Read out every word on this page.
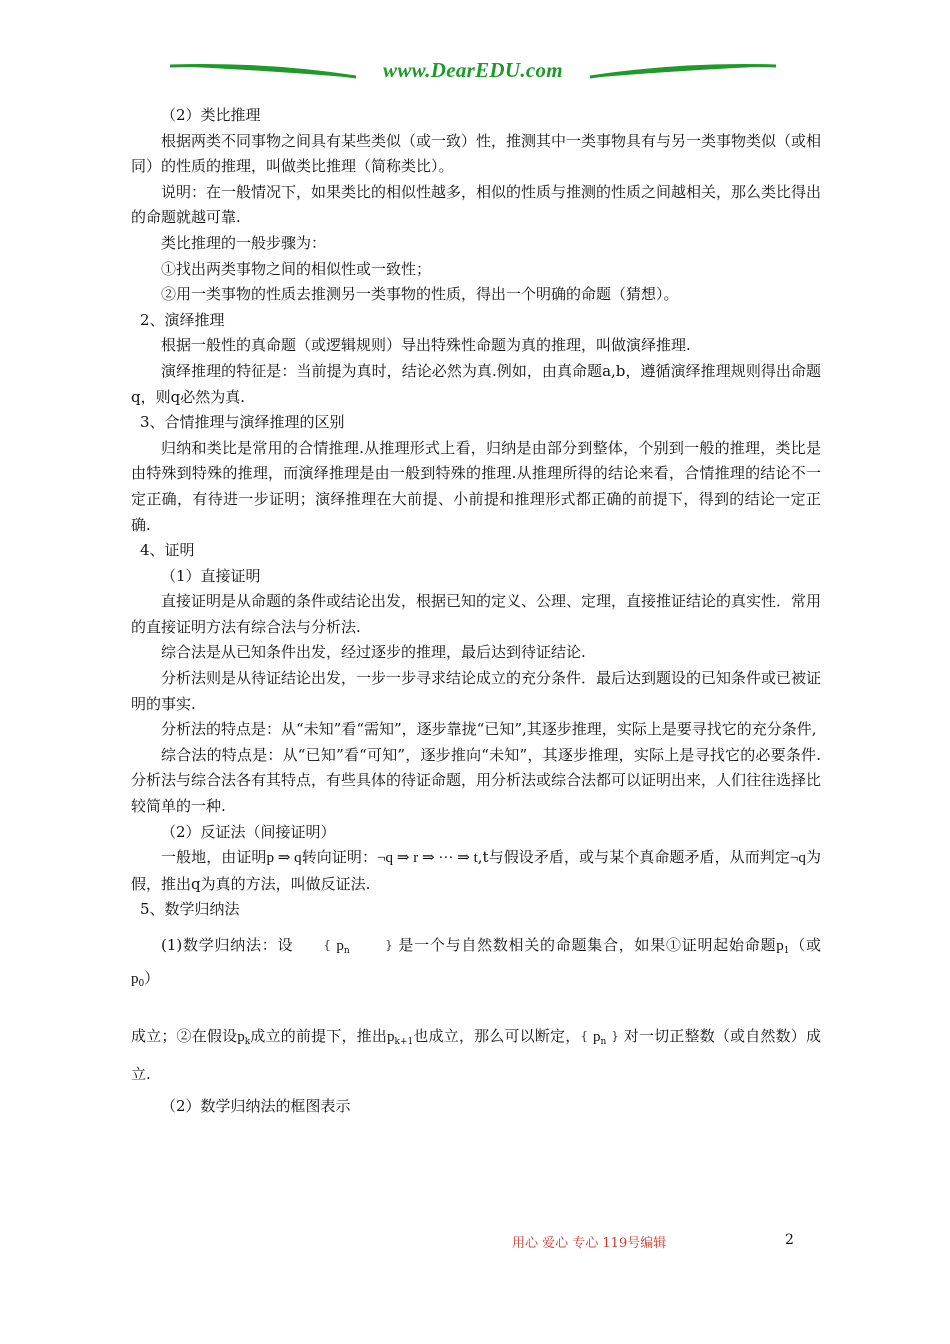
www.DearEDU.com

（2）类比推理

根据两类不同事物之间具有某些类似（或一致）性，推测其中一类事物具有与另一类事物类似（或相同）的性质的推理，叫做类比推理（简称类比）。

说明：在一般情况下，如果类比的相似性越多，相似的性质与推测的性质之间越相关，那么类比得出的命题就越可靠.

类比推理的一般步骤为：

①找出两类事物之间的相似性或一致性；

②用一类事物的性质去推测另一类事物的性质，得出一个明确的命题（猜想）。

2、演绎推理

根据一般性的真命题（或逻辑规则）导出特殊性命题为真的推理，叫做演绎推理.

演绎推理的特征是：当前提为真时，结论必然为真.例如，由真命题a,b，遵循演绎推理规则得出命题q，则q必然为真.

3、合情推理与演绎推理的区别

归纳和类比是常用的合情推理.从推理形式上看，归纳是由部分到整体，个别到一般的推理，类比是由特殊到特殊的推理，而演绎推理是由一般到特殊的推理.从推理所得的结论来看，合情推理的结论不一定正确，有待进一步证明；演绎推理在大前提、小前提和推理形式都正确的前提下，得到的结论一定正确.

4、证明

（1）直接证明

直接证明是从命题的条件或结论出发，根据已知的定义、公理、定理，直接推证结论的真实性．常用的直接证明方法有综合法与分析法.

综合法是从已知条件出发，经过逐步的推理，最后达到待证结论.

分析法则是从待证结论出发，一步一步寻求结论成立的充分条件．最后达到题设的已知条件或已被证明的事实.

分析法的特点是：从“未知”看“需知”，逐步靠拢“已知”,其逐步推理，实际上是要寻找它的充分条件,

综合法的特点是：从“已知”看“可知”，逐步推向“未知”，其逐步推理，实际上是寻找它的必要条件.分析法与综合法各有其特点，有些具体的待证命题，用分析法或综合法都可以证明出来，人们往往选择比较简单的一种.

（2）反证法（间接证明）

一般地，由证明p ⇒ q转向证明：¬q ⇒ r ⇒ ··· ⇒ t,t与假设矛盾，或与某个真命题矛盾，从而判定¬q为假，推出q为真的方法，叫做反证法.

5、数学归纳法

(1)数学归纳法：设	{ $p_n$	} 是一个与自然数相关的命题集合，如果①证明起始命题$p_1$（或$p_0$）

成立；②在假设$p_k$成立的前提下，推出$p_{k+1}$也成立，那么可以断定，{ $p_n$ } 对一切正整数（或自然数）成立.

（2）数学归纳法的框图表示

用心 爱心 专心 119号编辑	2
